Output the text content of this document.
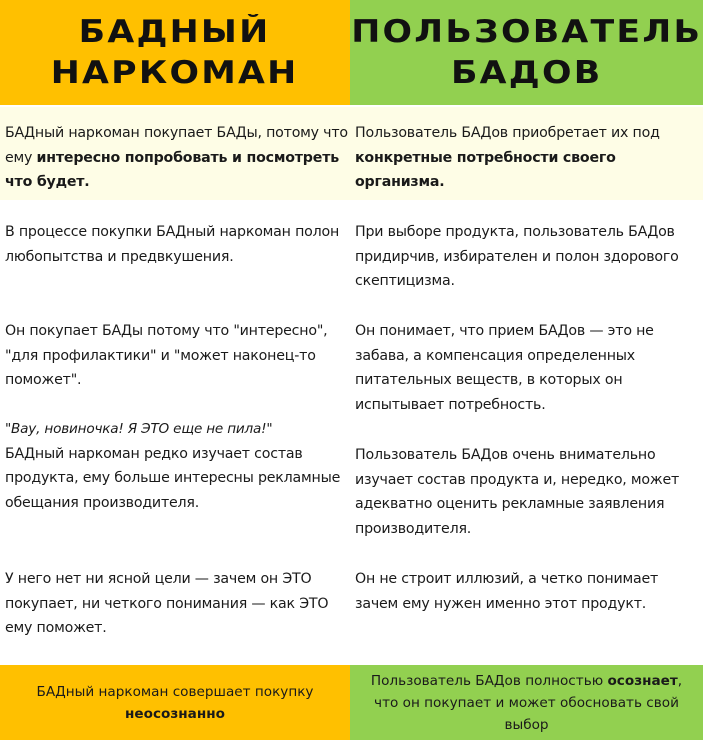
БАДНЫЙ
НАРКОМАН
ПОЛЬЗОВАТЕЛЬ
БАДОВ
БАДный наркоман покупает БАДы, потому что ему интересно попробовать и посмотреть что будет.
Пользователь БАДов приобретает их под конкретные потребности своего организма.
В процессе покупки БАДный наркоман полон любопытства и предвкушения.
При выборе продукта, пользователь БАДов придирчив, избирателен и полон здорового скептицизма.
Он покупает БАДы потому что "интересно", "для профилактики" и "может наконец-то поможет".
Он понимает, что прием БАДов — это не забава, а компенсация определенных питательных веществ, в которых он испытывает потребность.
"Вау, новиночка! Я ЭТО еще не пила!"
БАДный наркоман редко изучает состав продукта, ему больше интересны рекламные обещания производителя.
Пользователь БАДов очень внимательно изучает состав продукта и, нередко, может адекватно оценить рекламные заявления производителя.
У него нет ни ясной цели — зачем он ЭТО покупает, ни четкого понимания — как ЭТО ему поможет.
Он не строит иллюзий, а четко понимает зачем ему нужен именно этот продукт.
БАДный наркоман совершает покупку
неосознанно
Пользователь БАДов полностью осознает, что он покупает и может обосновать свой выбор
